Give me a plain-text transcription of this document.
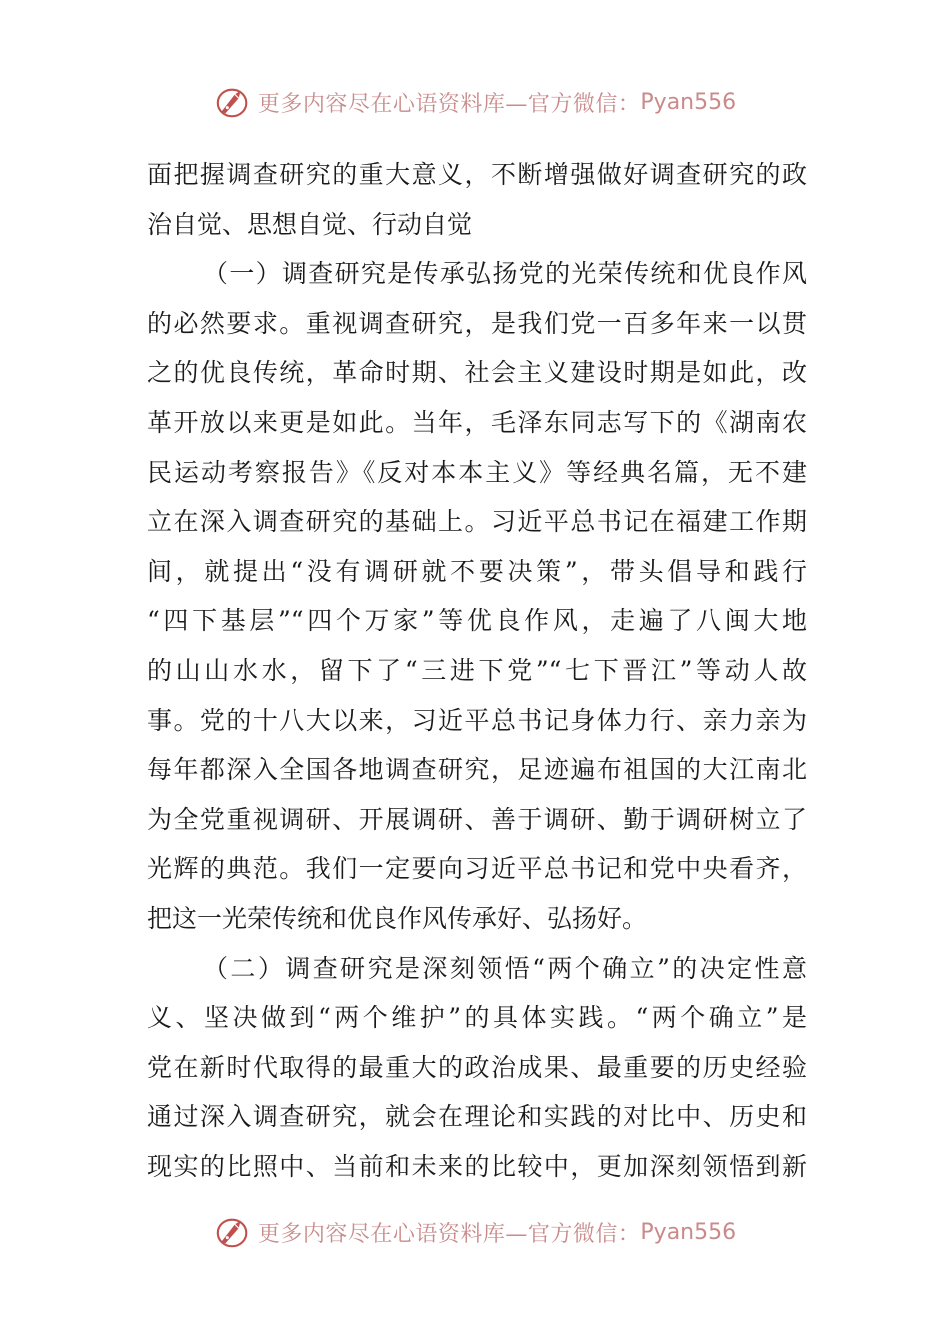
更多内容尽在心语资料库—官方微信： Pyan556
面把握调查研究的重大意义，不断增强做好调查研究的政
治自觉、思想自觉、行动自觉
（一）调查研究是传承弘扬党的光荣传统和优良作风
的必然要求。重视调查研究，是我们党一百多年来一以贯
之的优良传统，革命时期、社会主义建设时期是如此，改
革开放以来更是如此。当年，毛泽东同志写下的《湖南农
民运动考察报告》《反对本本主义》等经典名篇，无不建
立在深入调查研究的基础上。习近平总书记在福建工作期
间，就提出“没有调研就不要决策”，带头倡导和践行
“四下基层”“四个万家”等优良作风，走遍了八闽大地
的山山水水，留下了“三进下党”“七下晋江”等动人故
事。党的十八大以来，习近平总书记身体力行、亲力亲为
每年都深入全国各地调查研究，足迹遍布祖国的大江南北
为全党重视调研、开展调研、善于调研、勤于调研树立了
光辉的典范。我们一定要向习近平总书记和党中央看齐，
把这一光荣传统和优良作风传承好、弘扬好。
（二）调查研究是深刻领悟“两个确立”的决定性意
义、坚决做到“两个维护”的具体实践。“两个确立”是
党在新时代取得的最重大的政治成果、最重要的历史经验
通过深入调查研究，就会在理论和实践的对比中、历史和
现实的比照中、当前和未来的比较中，更加深刻领悟到新
更多内容尽在心语资料库—官方微信： Pyan556
